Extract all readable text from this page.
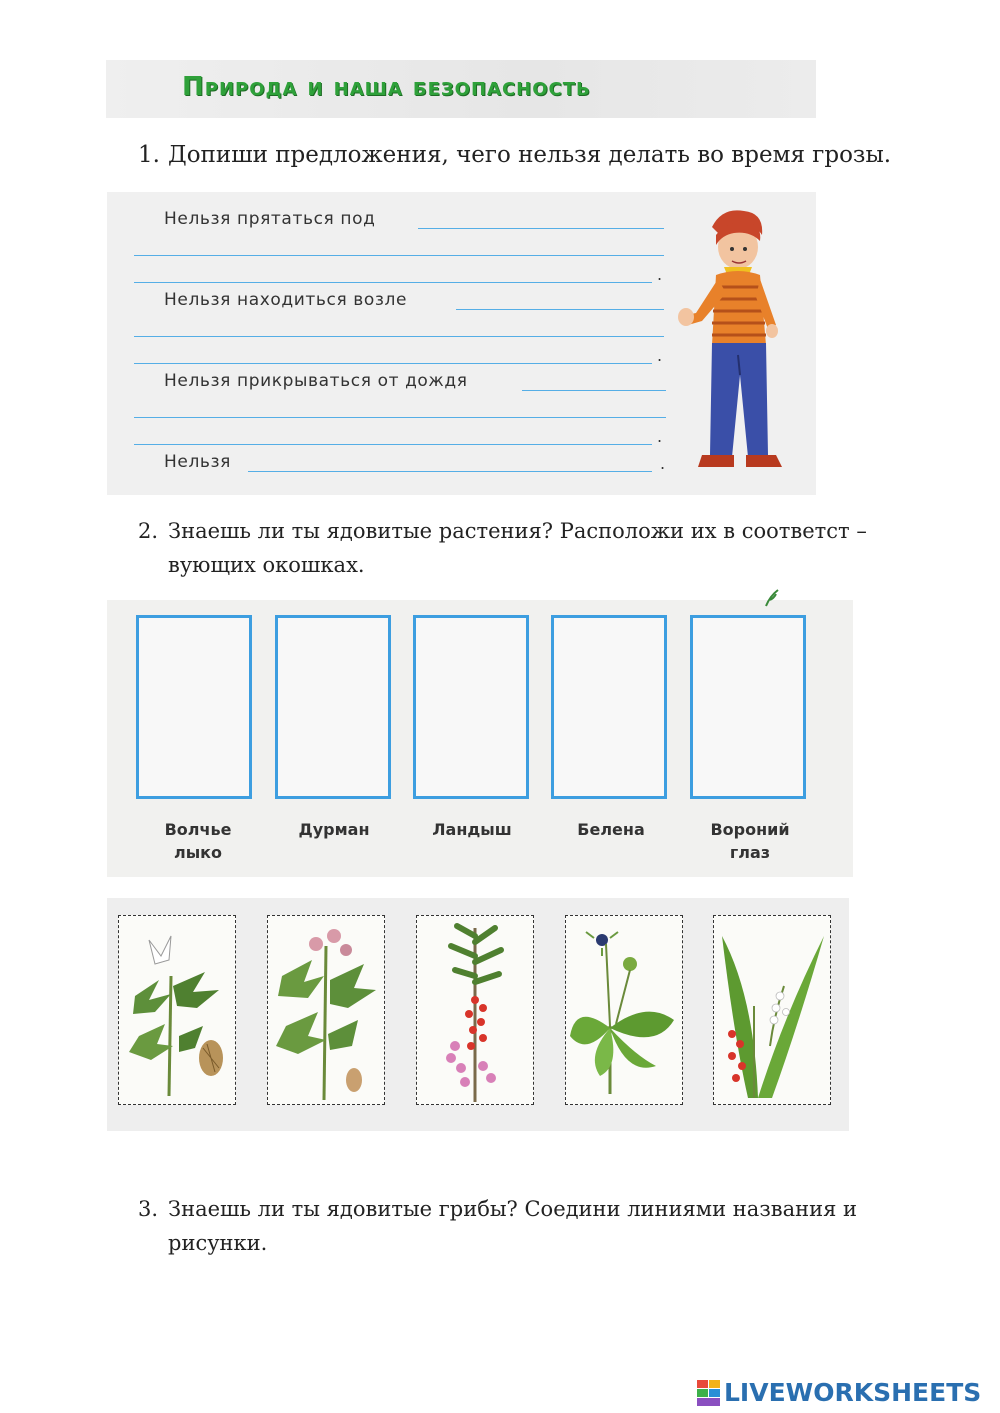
Природа и наша безопасность
1. Допиши предложения, чего нельзя делать во время грозы.
Нельзя прятаться под
.
Нельзя находиться возле
.
Нельзя прикрываться от дождя
.
Нельзя	.
2. Знаешь ли ты ядовитые растения? Расположи их в соответст –
вующих окошках.
Волчье
лыко
Дурман	Ландыш	Белена	Вороний
глаз
3. Знаешь ли ты ядовитые грибы? Соедини линиями названия и
рисунки.
LIVEWORKSHEETS
